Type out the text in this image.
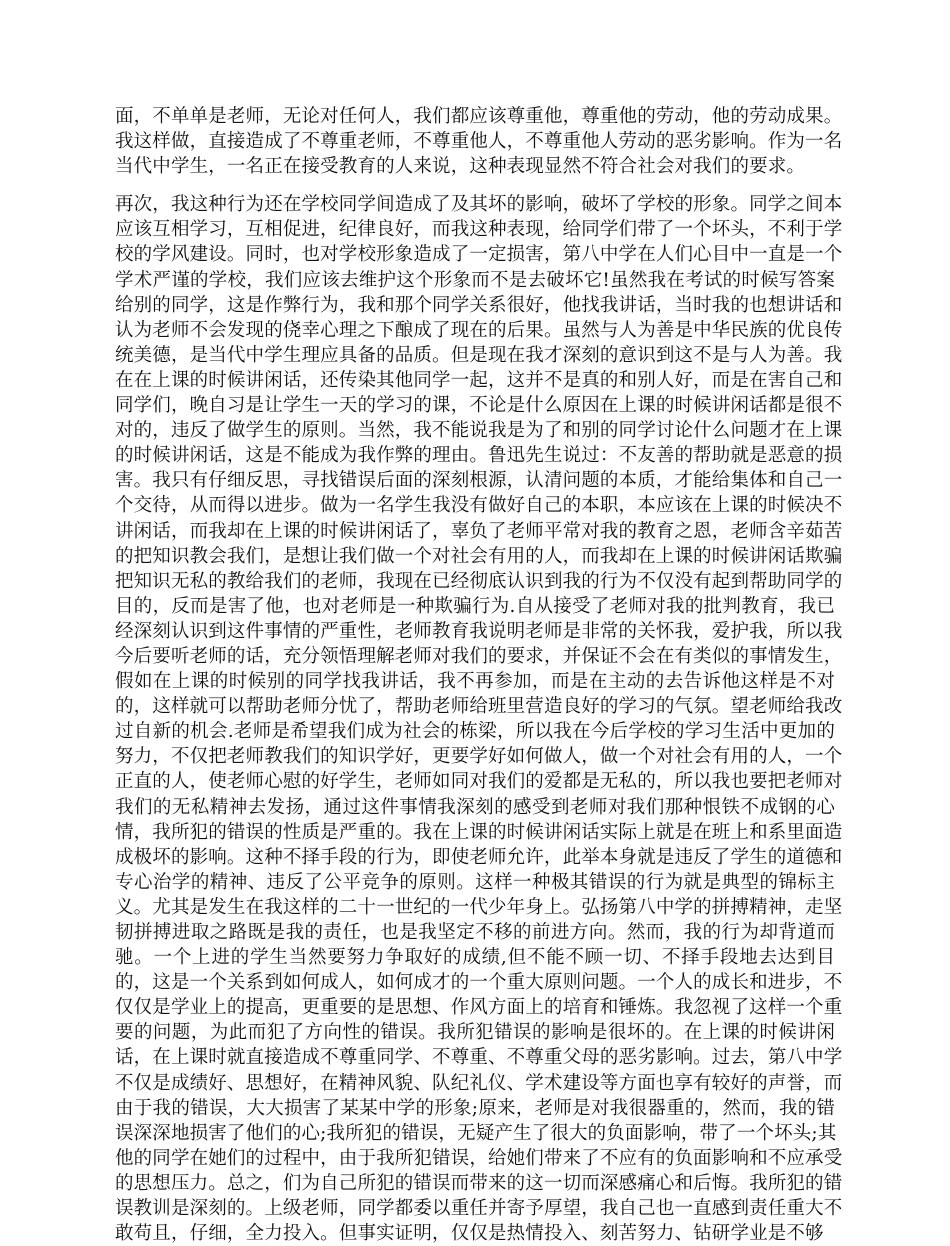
面，不单单是老师，无论对任何人，我们都应该尊重他，尊重他的劳动，他的劳动成果。
我这样做，直接造成了不尊重老师，不尊重他人，不尊重他人劳动的恶劣影响。作为一名
当代中学生，一名正在接受教育的人来说，这种表现显然不符合社会对我们的要求。
再次，我这种行为还在学校同学间造成了及其坏的影响，破坏了学校的形象。同学之间本
应该互相学习，互相促进，纪律良好，而我这种表现，给同学们带了一个坏头，不利于学
校的学风建设。同时，也对学校形象造成了一定损害，第八中学在人们心目中一直是一个
学术严谨的学校，我们应该去维护这个形象而不是去破坏它!虽然我在考试的时候写答案
给别的同学，这是作弊行为，我和那个同学关系很好，他找我讲话，当时我的也想讲话和
认为老师不会发现的侥幸心理之下酿成了现在的后果。虽然与人为善是中华民族的优良传
统美德，是当代中学生理应具备的品质。但是现在我才深刻的意识到这不是与人为善。我
在在上课的时候讲闲话，还传染其他同学一起，这并不是真的和别人好，而是在害自己和
同学们，晚自习是让学生一天的学习的课，不论是什么原因在上课的时候讲闲话都是很不
对的，违反了做学生的原则。当然，我不能说我是为了和别的同学讨论什么问题才在上课
的时候讲闲话，这是不能成为我作弊的理由。鲁迅先生说过：不友善的帮助就是恶意的损
害。我只有仔细反思，寻找错误后面的深刻根源，认清问题的本质，才能给集体和自己一
个交待，从而得以进步。做为一名学生我没有做好自己的本职，本应该在上课的时候决不
讲闲话，而我却在上课的时候讲闲话了，辜负了老师平常对我的教育之恩，老师含辛茹苦
的把知识教会我们，是想让我们做一个对社会有用的人，而我却在上课的时候讲闲话欺骗
把知识无私的教给我们的老师，我现在已经彻底认识到我的行为不仅没有起到帮助同学的
目的，反而是害了他，也对老师是一种欺骗行为.自从接受了老师对我的批判教育，我已
经深刻认识到这件事情的严重性，老师教育我说明老师是非常的关怀我，爱护我，所以我
今后要听老师的话，充分领悟理解老师对我们的要求，并保证不会在有类似的事情发生，
假如在上课的时候别的同学找我讲话，我不再参加，而是在主动的去告诉他这样是不对
的，这样就可以帮助老师分忧了，帮助老师给班里营造良好的学习的气氛。望老师给我改
过自新的机会.老师是希望我们成为社会的栋梁，所以我在今后学校的学习生活中更加的
努力，不仅把老师教我们的知识学好，更要学好如何做人，做一个对社会有用的人，一个
正直的人，使老师心慰的好学生，老师如同对我们的爱都是无私的，所以我也要把老师对
我们的无私精神去发扬，通过这件事情我深刻的感受到老师对我们那种恨铁不成钢的心
情，我所犯的错误的性质是严重的。我在上课的时候讲闲话实际上就是在班上和系里面造
成极坏的影响。这种不择手段的行为，即使老师允许，此举本身就是违反了学生的道德和
专心治学的精神、违反了公平竞争的原则。这样一种极其错误的行为就是典型的锦标主
义。尤其是发生在我这样的二十一世纪的一代少年身上。弘扬第八中学的拼搏精神，走坚
韧拼搏进取之路既是我的责任，也是我坚定不移的前进方向。然而，我的行为却背道而
驰。一个上进的学生当然要努力争取好的成绩,但不能不顾一切、不择手段地去达到目
的，这是一个关系到如何成人，如何成才的一个重大原则问题。一个人的成长和进步，不
仅仅是学业上的提高，更重要的是思想、作风方面上的培育和锤炼。我忽视了这样一个重
要的问题，为此而犯了方向性的错误。我所犯错误的影响是很坏的。在上课的时候讲闲
话，在上课时就直接造成不尊重同学、不尊重、不尊重父母的恶劣影响。过去，第八中学
不仅是成绩好、思想好，在精神风貌、队纪礼仪、学术建设等方面也享有较好的声誉，而
由于我的错误，大大损害了某某中学的形象;原来，老师是对我很器重的，然而，我的错
误深深地损害了他们的心;我所犯的错误，无疑产生了很大的负面影响，带了一个坏头;其
他的同学在她们的过程中，由于我所犯错误，给她们带来了不应有的负面影响和不应承受
的思想压力。总之，们为自己所犯的错误而带来的这一切而深感痛心和后悔。我所犯的错
误教训是深刻的。上级老师，同学都委以重任并寄予厚望，我自己也一直感到责任重大不
敢苟且，仔细，全力投入。但事实证明，仅仅是热情投入、刻苦努力、钻研学业是不够
